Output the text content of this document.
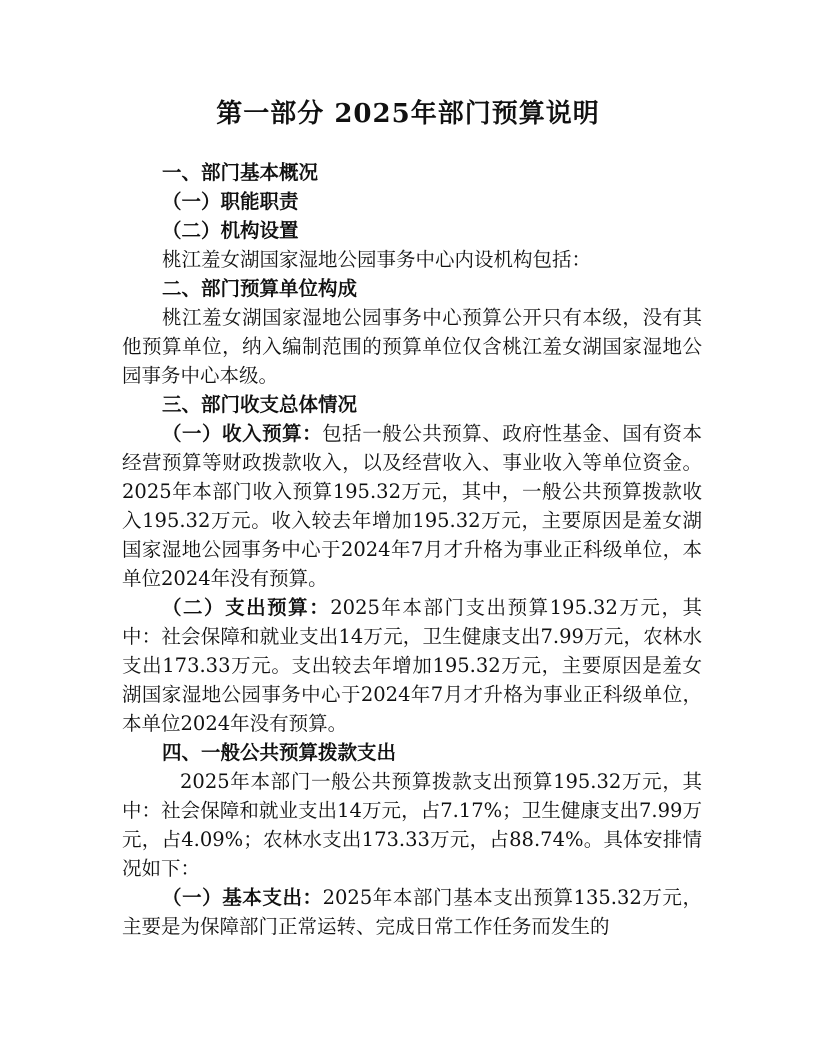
第一部分 2025年部门预算说明

一、部门基本概况

（一）职能职责

（二）机构设置

桃江羞女湖国家湿地公园事务中心内设机构包括：

二、部门预算单位构成

桃江羞女湖国家湿地公园事务中心预算公开只有本级，没有其他预算单位，纳入编制范围的预算单位仅含桃江羞女湖国家湿地公园事务中心本级。

三、部门收支总体情况

（一）收入预算：包括一般公共预算、政府性基金、国有资本经营预算等财政拨款收入，以及经营收入、事业收入等单位资金。2025年本部门收入预算195.32万元，其中，一般公共预算拨款收入195.32万元。收入较去年增加195.32万元，主要原因是羞女湖国家湿地公园事务中心于2024年7月才升格为事业正科级单位，本单位2024年没有预算。

（二）支出预算：2025年本部门支出预算195.32万元，其中：社会保障和就业支出14万元，卫生健康支出7.99万元，农林水支出173.33万元。支出较去年增加195.32万元，主要原因是羞女湖国家湿地公园事务中心于2024年7月才升格为事业正科级单位，本单位2024年没有预算。

四、一般公共预算拨款支出

2025年本部门一般公共预算拨款支出预算195.32万元，其中：社会保障和就业支出14万元，占7.17%；卫生健康支出7.99万元，占4.09%；农林水支出173.33万元，占88.74%。具体安排情况如下：

（一）基本支出：2025年本部门基本支出预算135.32万元，主要是为保障部门正常运转、完成日常工作任务而发生的
